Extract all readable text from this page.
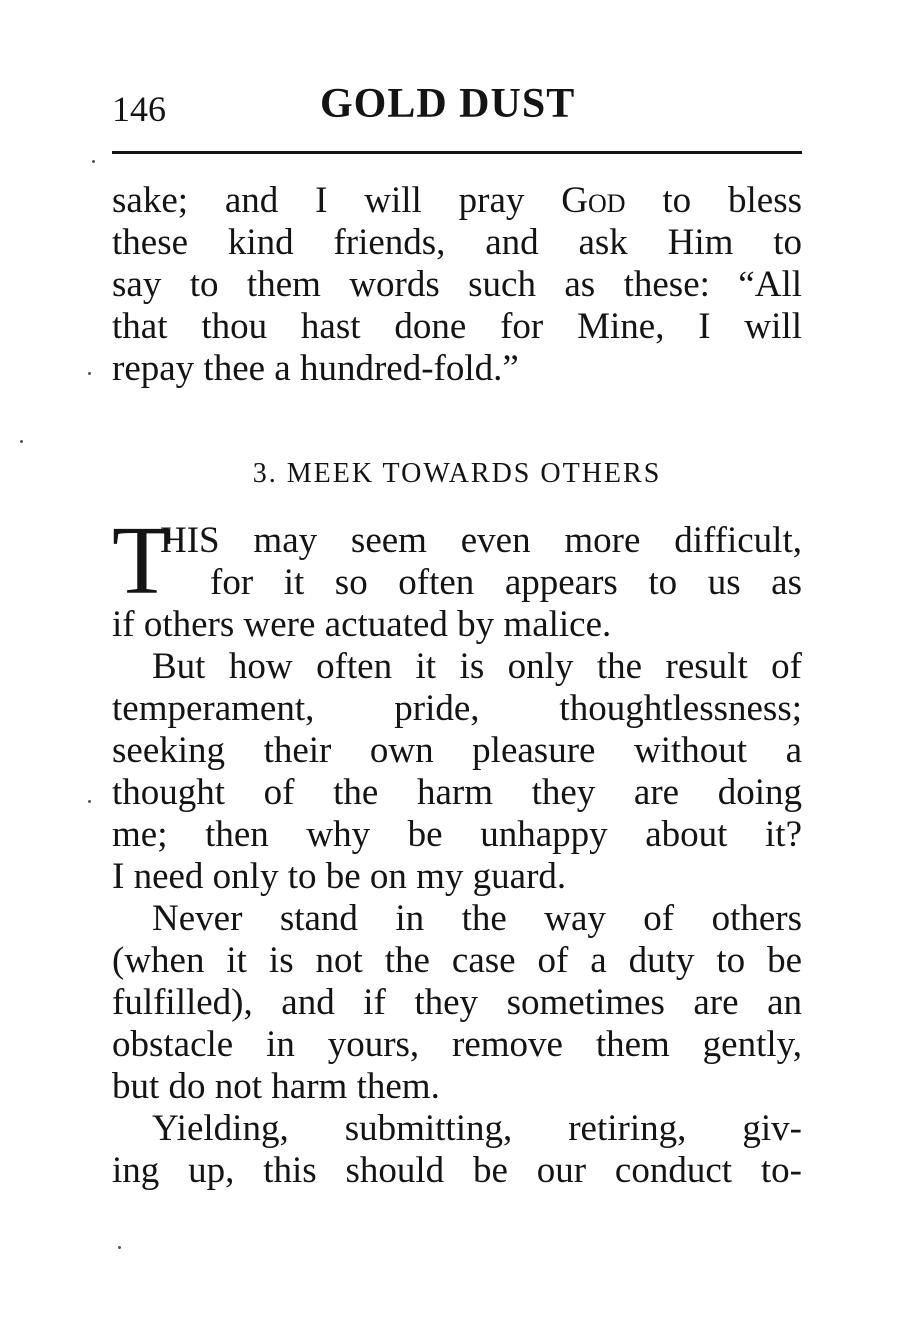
146	GOLD DUST
sake; and I will pray God to bless
these kind friends, and ask Him to
say to them words such as these: “All
that thou hast done for Mine, I will
repay thee a hundred-fold.”
3. MEEK TOWARDS OTHERS
T
HIS may seem even more difficult,
for it so often appears to us as
if others were actuated by malice.
But how often it is only the result of
temperament, pride, thoughtlessness;
seeking their own pleasure without a
thought of the harm they are doing
me; then why be unhappy about it?
I need only to be on my guard.
Never stand in the way of others
(when it is not the case of a duty to be
fulfilled), and if they sometimes are an
obstacle in yours, remove them gently,
but do not harm them.
Yielding, submitting, retiring, giv-
ing up, this should be our conduct to-
